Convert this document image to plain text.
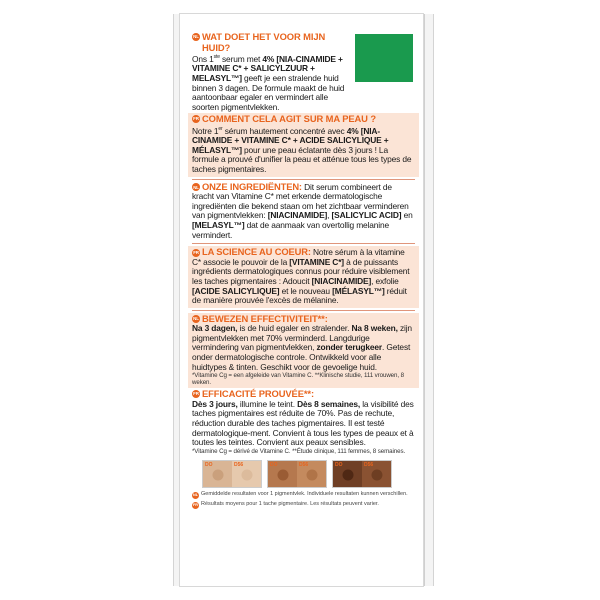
NL WAT DOET HET VOOR MIJN HUID?
Ons 1ste serum met 4% [NIA-CINAMIDE + VITAMINE C* + SALICYLZUUR + MELASYL™] geeft je een stralende huid binnen 3 dagen. De formule maakt de huid aantoonbaar egaler en vermindert alle soorten pigmentvlekken.
FR COMMENT CELA AGIT SUR MA PEAU ?
Notre 1er sérum hautement concentré avec 4% [NIA-CINAMIDE + VITAMINE C* + ACIDE SALICYLIQUE + MÉLASYL™] pour une peau éclatante dès 3 jours ! La formule a prouvé d'unifier la peau et atténue tous les types de taches pigmentaires.
NL ONZE INGREDIËNTEN: Dit serum combineert de kracht van Vitamine C* met erkende dermatologische ingrediënten die bekend staan om het zichtbaar verminderen van pigmentvlekken: [NIACINAMIDE], [SALICYLIC ACID] en [MELASYL™] dat de aanmaak van overtollig melanine vermindert.
FR LA SCIENCE AU COEUR: Notre sérum à la vitamine C* associe le pouvoir de la [VITAMINE C*] à de puissants ingrédients dermatologiques connus pour réduire visiblement les taches pigmentaires : Adoucit [NIACINAMIDE], exfolie [ACIDE SALICYLIQUE] et le nouveau [MÉLASYL™] réduit de manière prouvée l'excès de mélanine.
NL BEWEZEN EFFECTIVITEIT**:
Na 3 dagen, is de huid egaler en stralender. Na 8 weken, zijn pigmentvlekken met 70% verminderd. Langdurige vermindering van pigmentvlekken, zonder terugkeer. Getest onder dermatologische controle. Ontwikkeld voor alle huidtypes & tinten. Geschikt voor de gevoelige huid.
*Vitamine Cg = een afgeleide van Vitamine C. **Klinische studie, 111 vrouwen, 8 weken.
FR EFFICACITÉ PROUVÉE**:
Dès 3 jours, illumine le teint. Dès 8 semaines, la visibilité des taches pigmentaires est réduite de 70%. Pas de rechute, réduction durable des taches pigmentaires. Il est testé dermatologique-ment. Convient à tous les types de peaux et à toutes les teintes. Convient aux peaux sensibles.
*Vitamine Cg = dérivé de Vitamine C. **Étude clinique, 111 femmes, 8 semaines.
DO	D56	DO	D56	DO	D56
NL Gemiddelde resultaten voor 1 pigmentvlek. Individuele resultaten kunnen verschillen.
FR Résultats moyens pour 1 tache pigmentaire. Les résultats peuvent varier.
